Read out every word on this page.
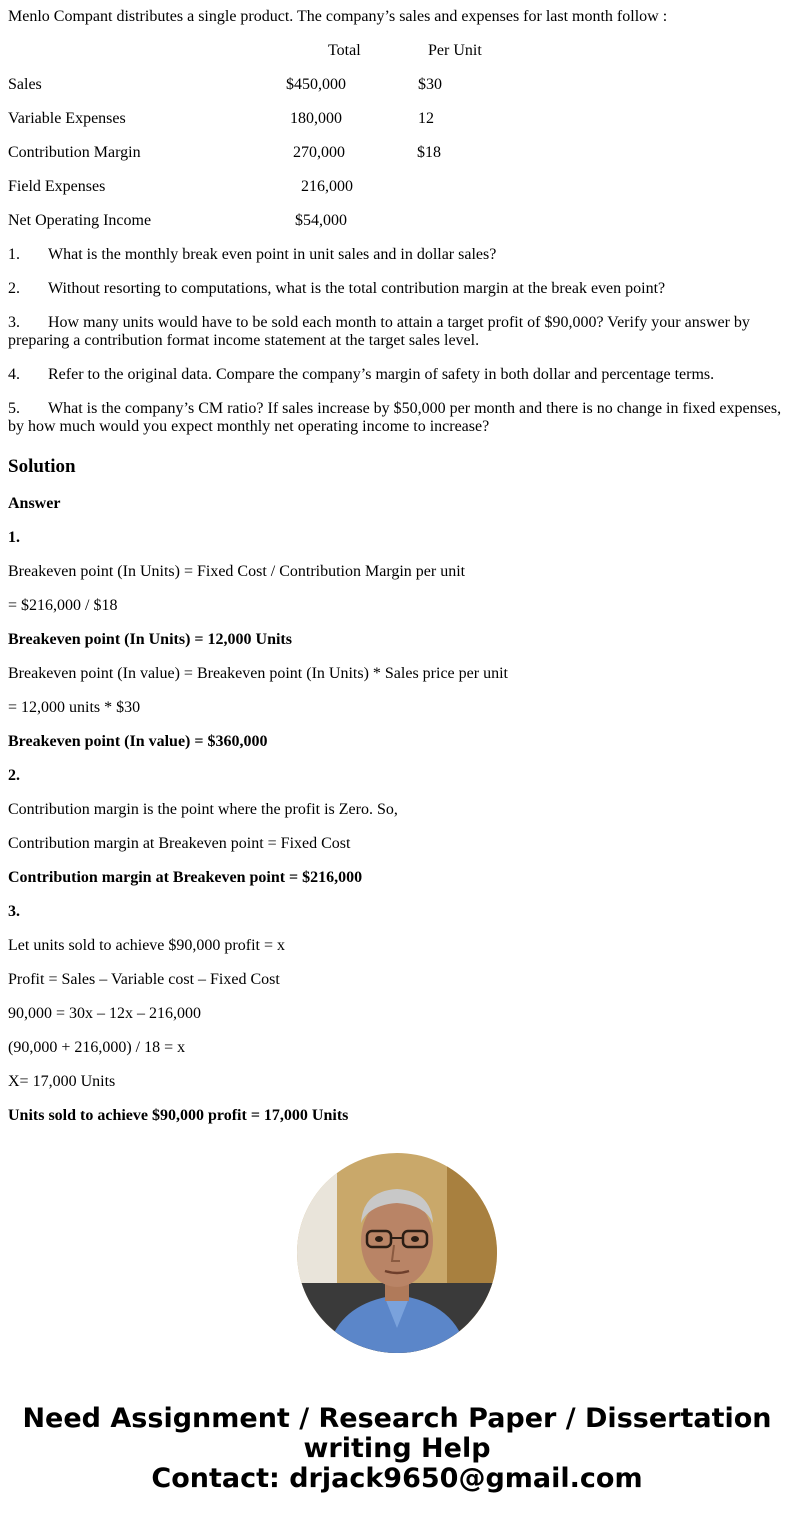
Menlo Compant distributes a single product. The company’s sales and expenses for last month follow :
Total	Per Unit
Sales	$450,000	$30
Variable Expenses	180,000	12
Contribution Margin	270,000	$18
Field Expenses	216,000
Net Operating Income	$54,000
1. What is the monthly break even point in unit sales and in dollar sales?
2. Without resorting to computations, what is the total contribution margin at the break even point?
3. How many units would have to be sold each month to attain a target profit of $90,000? Verify your answer by preparing a contribution format income statement at the target sales level.
4. Refer to the original data. Compare the company’s margin of safety in both dollar and percentage terms.
5. What is the company’s CM ratio? If sales increase by $50,000 per month and there is no change in fixed expenses, by how much would you expect monthly net operating income to increase?
Solution
Answer
1.
Breakeven point (In Units) = Fixed Cost / Contribution Margin per unit
= $216,000 / $18
Breakeven point (In Units) = 12,000 Units
Breakeven point (In value) = Breakeven point (In Units) * Sales price per unit
= 12,000 units * $30
Breakeven point (In value) = $360,000
2.
Contribution margin is the point where the profit is Zero. So,
Contribution margin at Breakeven point = Fixed Cost
Contribution margin at Breakeven point = $216,000
3.
Let units sold to achieve $90,000 profit = x
Profit = Sales – Variable cost – Fixed Cost
90,000 = 30x – 12x – 216,000
(90,000 + 216,000) / 18 = x
X= 17,000 Units
Units sold to achieve $90,000 profit = 17,000 Units
Need Assignment / Research Paper / Dissertation
writing Help
Contact: drjack9650@gmail.com
